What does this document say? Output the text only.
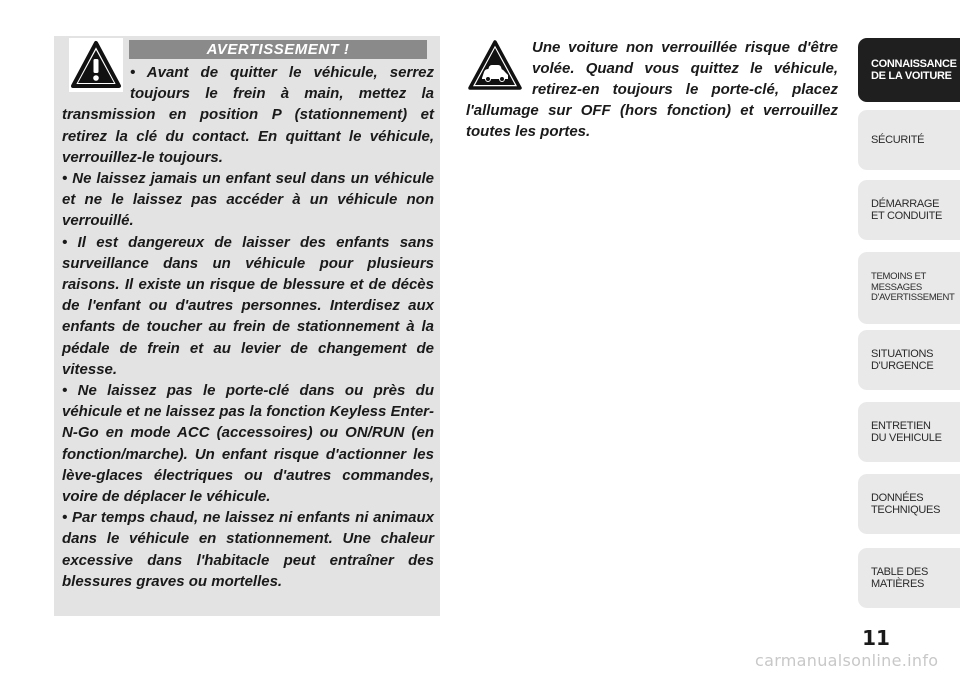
AVERTISSEMENT !

• Avant de quitter le véhicule, serrez toujours le frein à main, mettez la transmission en position P (stationnement) et retirez la clé du contact. En quittant le véhicule, verrouillez-le toujours.

• Ne laissez jamais un enfant seul dans un véhicule et ne le laissez pas accéder à un véhicule non verrouillé.

• Il est dangereux de laisser des enfants sans surveillance dans un véhicule pour plusieurs raisons. Il existe un risque de blessure et de décès de l'enfant ou d'autres personnes. Interdisez aux enfants de toucher au frein de stationnement à la pédale de frein et au levier de changement de vitesse.

• Ne laissez pas le porte-clé dans ou près du véhicule et ne laissez pas la fonction Keyless Enter-N-Go en mode ACC (accessoires) ou ON/RUN (en fonction/marche). Un enfant risque d'actionner les lève-glaces électriques ou d'autres commandes, voire de déplacer le véhicule.

• Par temps chaud, ne laissez ni enfants ni animaux dans le véhicule en stationnement. Une chaleur excessive dans l'habitacle peut entraîner des blessures graves ou mortelles.

Une voiture non verrouillée risque d'être volée. Quand vous quittez le véhicule, retirez-en toujours le porte-clé, placez l'allumage sur OFF (hors fonction) et verrouillez toutes les portes.
CONNAISSANCE
DE LA VOITURE
SÉCURITÉ
DÉMARRAGE
ET CONDUITE
TEMOINS ET
MESSAGES
D'AVERTISSEMENT
SITUATIONS
D'URGENCE
ENTRETIEN
DU VEHICULE
DONNÉES
TECHNIQUES
TABLE DES
MATIÈRES
11
carmanualsonline.info
